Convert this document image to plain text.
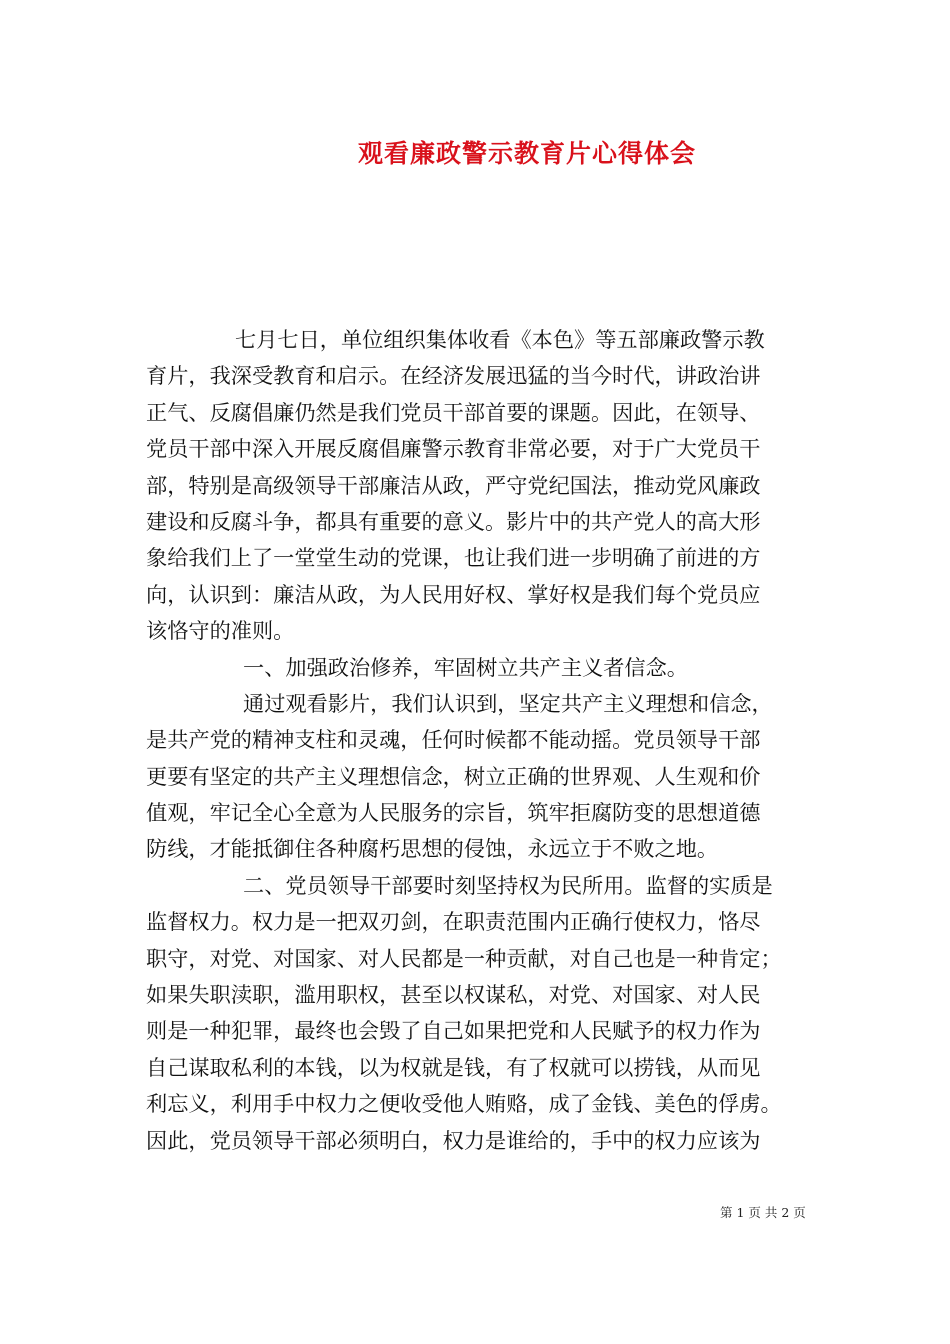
观看廉政警示教育片心得体会
七月七日，单位组织集体收看《本色》等五部廉政警示教
育片，我深受教育和启示。在经济发展迅猛的当今时代，讲政治讲
正气、反腐倡廉仍然是我们党员干部首要的课题。因此，在领导、
党员干部中深入开展反腐倡廉警示教育非常必要，对于广大党员干
部，特别是高级领导干部廉洁从政，严守党纪国法，推动党风廉政
建设和反腐斗争，都具有重要的意义。影片中的共产党人的高大形
象给我们上了一堂堂生动的党课，也让我们进一步明确了前进的方
向，认识到：廉洁从政，为人民用好权、掌好权是我们每个党员应
该恪守的准则。
一、加强政治修养，牢固树立共产主义者信念。
通过观看影片，我们认识到，坚定共产主义理想和信念，
是共产党的精神支柱和灵魂，任何时候都不能动摇。党员领导干部
更要有坚定的共产主义理想信念，树立正确的世界观、人生观和价
值观，牢记全心全意为人民服务的宗旨，筑牢拒腐防变的思想道德
防线，才能抵御住各种腐朽思想的侵蚀，永远立于不败之地。
二、党员领导干部要时刻坚持权为民所用。监督的实质是
监督权力。权力是一把双刃剑，在职责范围内正确行使权力，恪尽
职守，对党、对国家、对人民都是一种贡献，对自己也是一种肯定；
如果失职渎职，滥用职权，甚至以权谋私，对党、对国家、对人民
则是一种犯罪，最终也会毁了自己如果把党和人民赋予的权力作为
自己谋取私利的本钱，以为权就是钱，有了权就可以捞钱，从而见
利忘义，利用手中权力之便收受他人贿赂，成了金钱、美色的俘虏。
因此，党员领导干部必须明白，权力是谁给的，手中的权力应该为
第 1 页 共 2 页
